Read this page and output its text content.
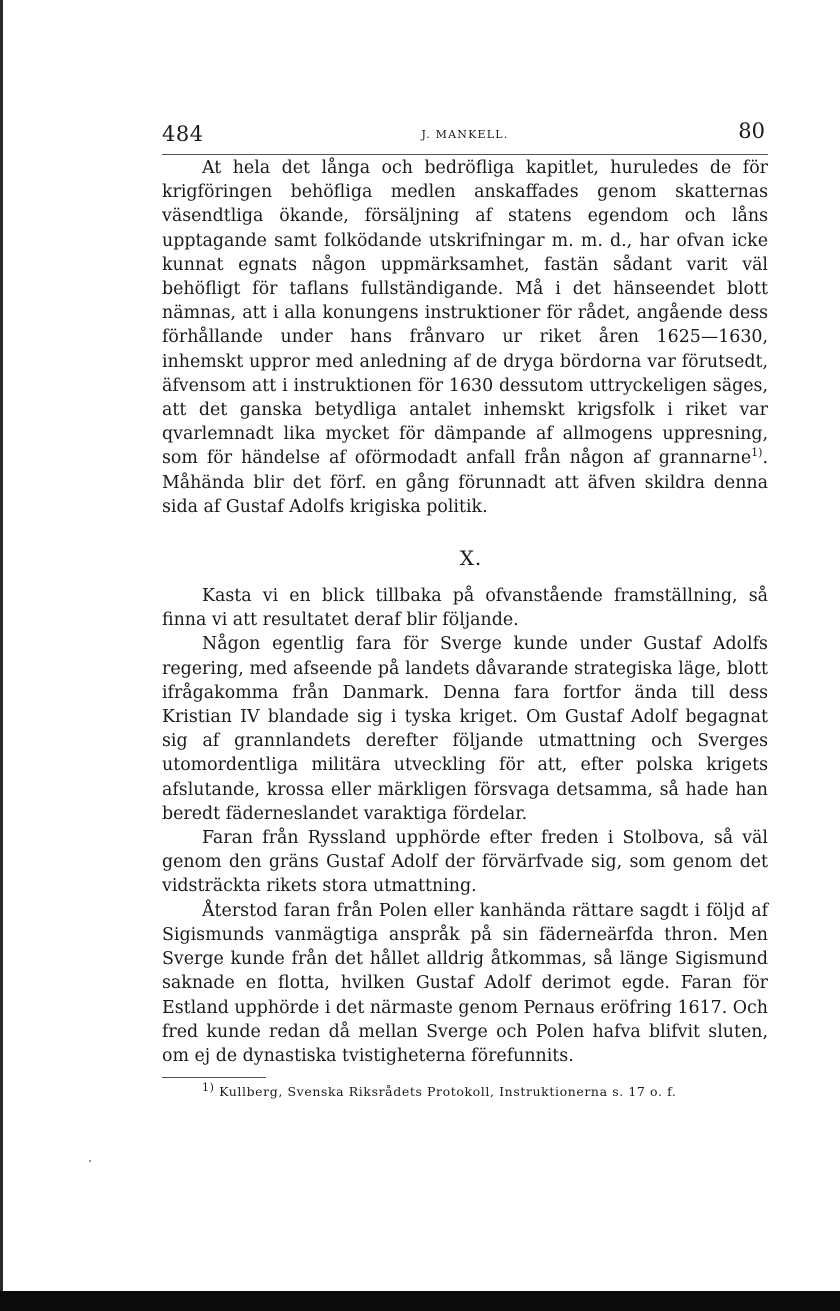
484	J. MANKELL.	80

At hela det långa och bedröfliga kapitlet, huruledes de för krigföringen behöfliga medlen anskaffades genom skatternas väsendtliga ökande, försäljning af statens egendom och låns upptagande samt folködande utskrifningar m. m. d., har ofvan icke kunnat egnats någon uppmärksamhet, fastän sådant varit väl behöfligt för taflans fullständigande. Må i det hänseendet blott nämnas, att i alla konungens instruktioner för rådet, angående dess förhållande under hans frånvaro ur riket åren 1625—1630, inhemskt uppror med anledning af de dryga bördorna var förutsedt, äfvensom att i instruktionen för 1630 dessutom uttryckeligen säges, att det ganska betydliga antalet inhemskt krigsfolk i riket var qvarlemnadt lika mycket för dämpande af allmogens uppresning, som för händelse af oförmodadt anfall från någon af grannarne$^{1)}$. Måhända blir det förf. en gång förunnadt att äfven skildra denna sida af Gustaf Adolfs krigiska politik.

X.

Kasta vi en blick tillbaka på ofvanstående framställning, så finna vi att resultatet deraf blir följande.

Någon egentlig fara för Sverge kunde under Gustaf Adolfs regering, med afseende på landets dåvarande strategiska läge, blott ifrågakomma från Danmark. Denna fara fortfor ända till dess Kristian IV blandade sig i tyska kriget. Om Gustaf Adolf begagnat sig af grannlandets derefter följande utmattning och Sverges utomordentliga militära utveckling för att, efter polska krigets afslutande, krossa eller märkligen försvaga detsamma, så hade han beredt fäderneslandet varaktiga fördelar.

Faran från Ryssland upphörde efter freden i Stolbova, så väl genom den gräns Gustaf Adolf der förvärfvade sig, som genom det vidsträckta rikets stora utmattning.

Återstod faran från Polen eller kanhända rättare sagdt i följd af Sigismunds vanmägtiga anspråk på sin fäderneärfda thron. Men Sverge kunde från det hållet alldrig åtkommas, så länge Sigismund saknade en flotta, hvilken Gustaf Adolf derimot egde. Faran för Estland upphörde i det närmaste genom Pernaus eröfring 1617. Och fred kunde redan då mellan Sverge och Polen hafva blifvit sluten, om ej de dynastiska tvistigheterna förefunnits.

1) Kullberg, Svenska Riksrådets Protokoll, Instruktionerna s. 17 o. f.
